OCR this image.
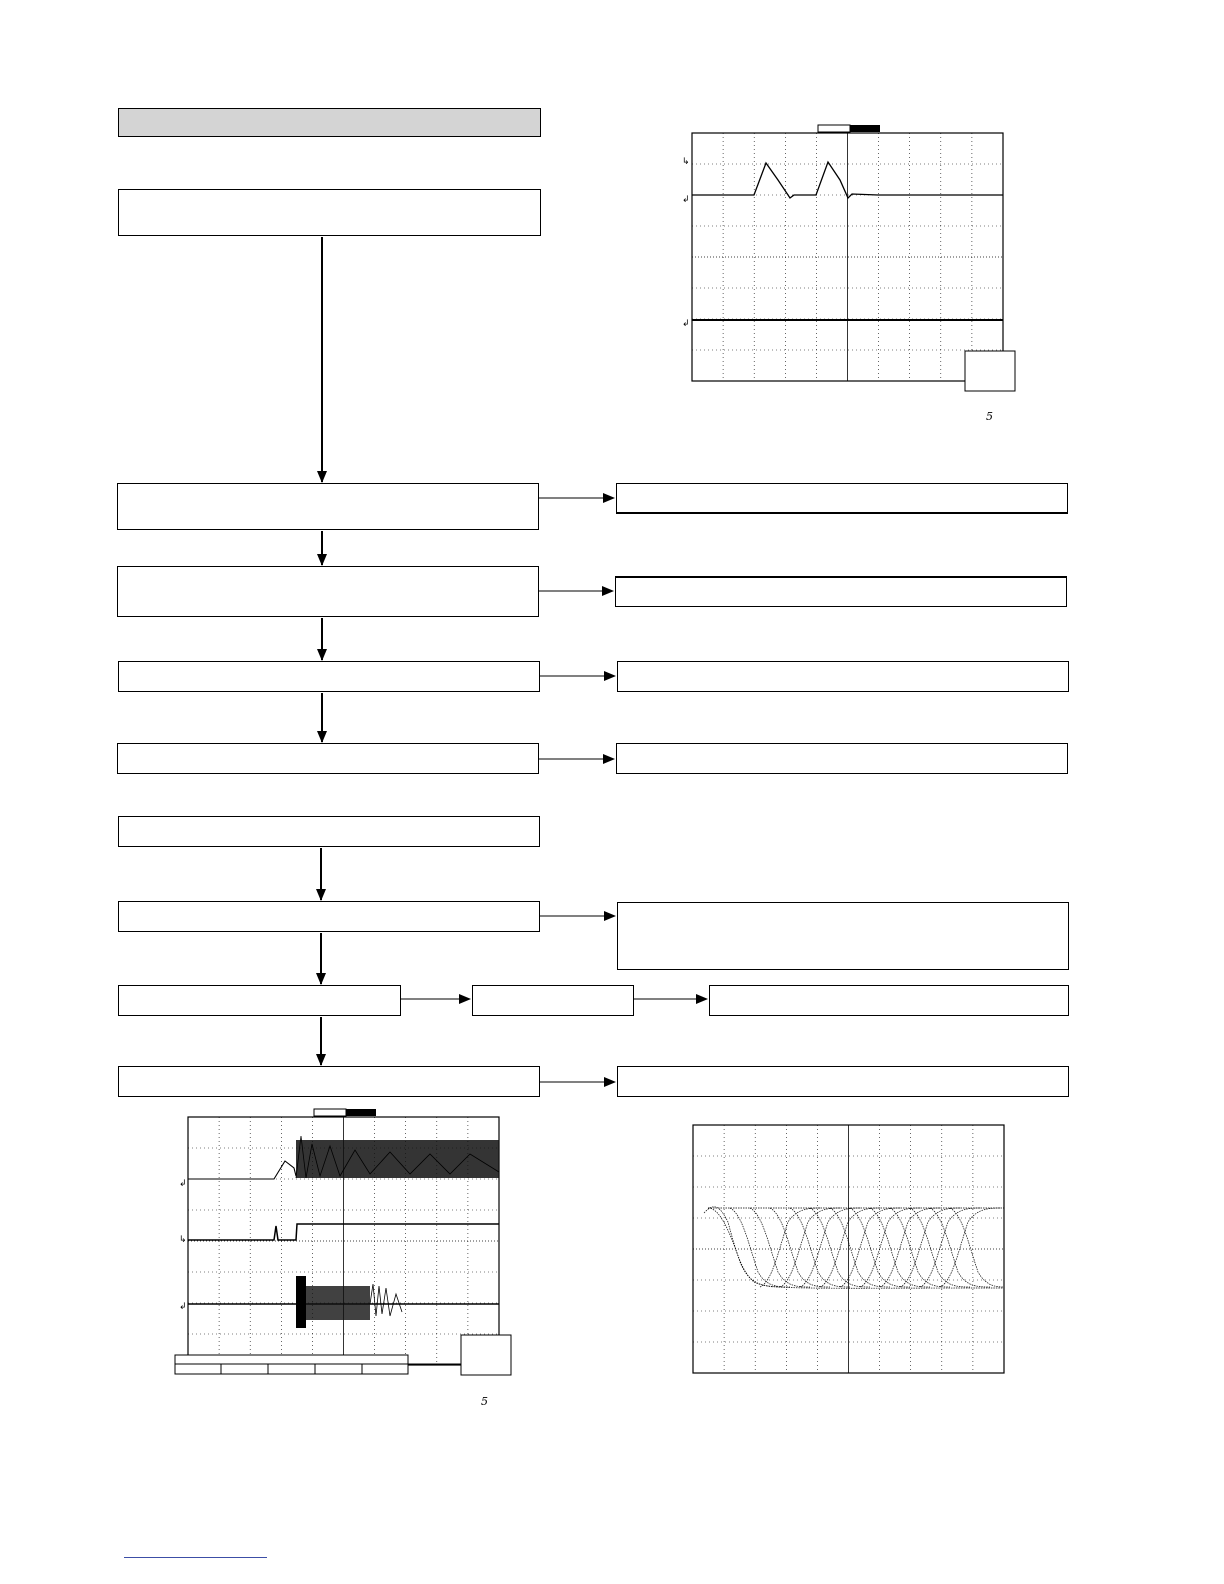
↳
↲
↲
5
↲
↳
↲
5
